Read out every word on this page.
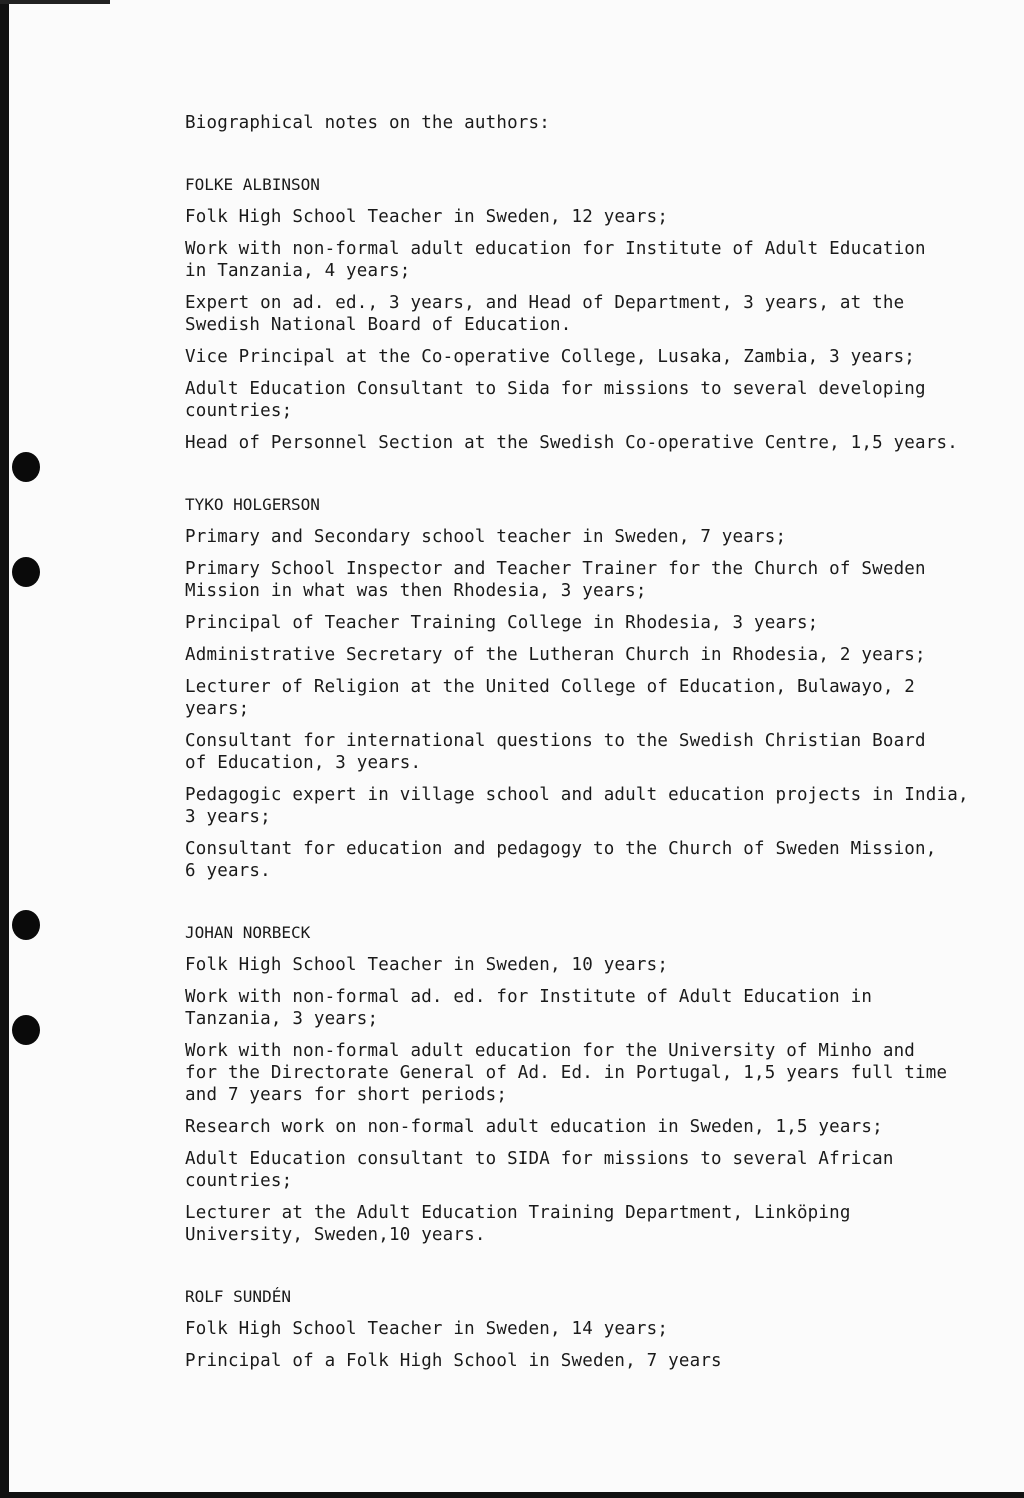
Biographical notes on the authors:
FOLKE ALBINSON
Folk High School Teacher in Sweden, 12 years;
Work with non-formal adult education for Institute of Adult Education
in Tanzania, 4 years;
Expert on ad. ed., 3 years, and Head of Department, 3 years, at the
Swedish National Board of Education.
Vice Principal at the Co-operative College, Lusaka, Zambia, 3 years;
Adult Education Consultant to Sida for missions to several developing
countries;
Head of Personnel Section at the Swedish Co-operative Centre, 1,5 years.
TYKO HOLGERSON
Primary and Secondary school teacher in Sweden, 7 years;
Primary School Inspector and Teacher Trainer for the Church of Sweden
Mission in what was then Rhodesia, 3 years;
Principal of Teacher Training College in Rhodesia, 3 years;
Administrative Secretary of the Lutheran Church in Rhodesia, 2 years;
Lecturer of Religion at the United College of Education, Bulawayo, 2
years;
Consultant for international questions to the Swedish Christian Board
of Education, 3 years.
Pedagogic expert in village school and adult education projects in India,
3 years;
Consultant for education and pedagogy to the Church of Sweden Mission,
6 years.
JOHAN NORBECK
Folk High School Teacher in Sweden, 10 years;
Work with non-formal ad. ed. for Institute of Adult Education in
Tanzania, 3 years;
Work with non-formal adult education for the University of Minho and
for the Directorate General of Ad. Ed. in Portugal, 1,5 years full time
and 7 years for short periods;
Research work on non-formal adult education in Sweden, 1,5 years;
Adult Education consultant to SIDA for missions to several African
countries;
Lecturer at the Adult Education Training Department, Linköping
University, Sweden,10 years.
ROLF SUNDÉN
Folk High School Teacher in Sweden, 14 years;
Principal of a Folk High School in Sweden, 7 years
